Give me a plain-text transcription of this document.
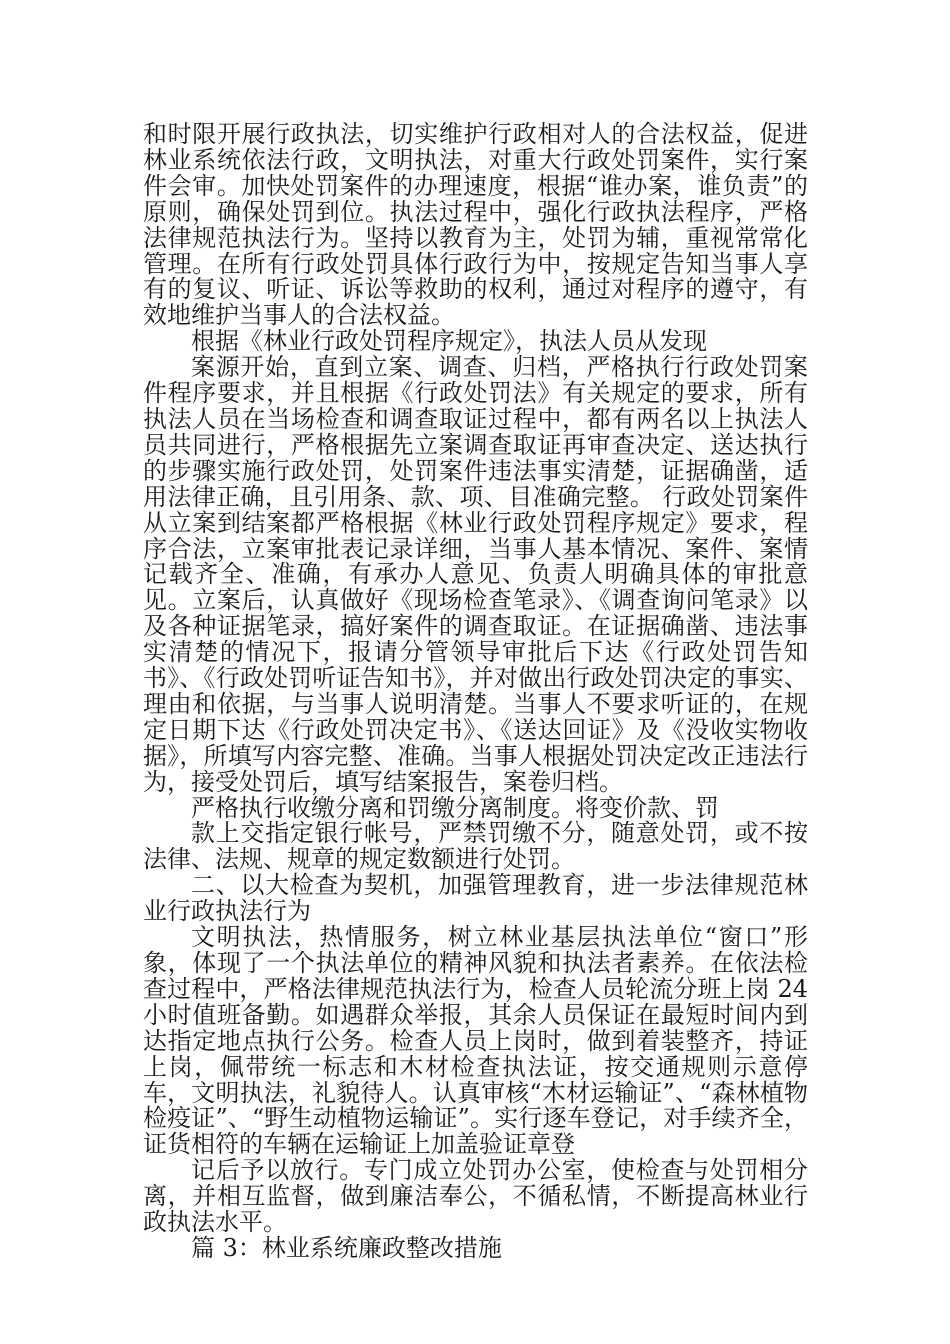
和时限开展行政执法，切实维护行政相对人的合法权益，促进林业系统依法行政，文明执法，对重大行政处罚案件，实行案件会审。加快处罚案件的办理速度，根据“谁办案，谁负责”的原则，确保处罚到位。执法过程中，强化行政执法程序，严格法律规范执法行为。坚持以教育为主，处罚为辅，重视常常化管理。在所有行政处罚具体行政行为中，按规定告知当事人享有的复议、听证、诉讼等救助的权利，通过对程序的遵守，有效地维护当事人的合法权益。

根据《林业行政处罚程序规定》，执法人员从发现

案源开始，直到立案、调查、归档，严格执行行政处罚案件程序要求，并且根据《行政处罚法》有关规定的要求，所有执法人员在当场检查和调查取证过程中，都有两名以上执法人员共同进行，严格根据先立案调查取证再审查决定、送达执行的步骤实施行政处罚，处罚案件违法事实清楚，证据确凿，适用法律正确，且引用条、款、项、目准确完整。 行政处罚案件从立案到结案都严格根据《林业行政处罚程序规定》要求，程序合法，立案审批表记录详细，当事人基本情况、案件、案情记载齐全、准确，有承办人意见、负责人明确具体的审批意见。立案后，认真做好《现场检查笔录》、《调查询问笔录》以及各种证据笔录，搞好案件的调查取证。在证据确凿、违法事实清楚的情况下，报请分管领导审批后下达《行政处罚告知书》、《行政处罚听证告知书》，并对做出行政处罚决定的事实、理由和依据，与当事人说明清楚。当事人不要求听证的，在规定日期下达《行政处罚决定书》、《送达回证》及《没收实物收据》，所填写内容完整、准确。当事人根据处罚决定改正违法行为，接受处罚后，填写结案报告，案卷归档。

严格执行收缴分离和罚缴分离制度。将变价款、罚

款上交指定银行帐号，严禁罚缴不分，随意处罚，或不按法律、法规、规章的规定数额进行处罚。

二、以大检查为契机，加强管理教育，进一步法律规范林业行政执法行为

文明执法，热情服务，树立林业基层执法单位“窗口”形象，体现了一个执法单位的精神风貌和执法者素养。在依法检查过程中，严格法律规范执法行为，检查人员轮流分班上岗 24 小时值班备勤。如遇群众举报，其余人员保证在最短时间内到达指定地点执行公务。检查人员上岗时，做到着装整齐，持证上岗，佩带统一标志和木材检查执法证，按交通规则示意停车，文明执法，礼貌待人。认真审核“木材运输证”、“森林植物检疫证”、“野生动植物运输证”。实行逐车登记，对手续齐全，证货相符的车辆在运输证上加盖验证章登

记后予以放行。专门成立处罚办公室，使检查与处罚相分离，并相互监督，做到廉洁奉公，不循私情，不断提高林业行政执法水平。

篇 3：林业系统廉政整改措施
